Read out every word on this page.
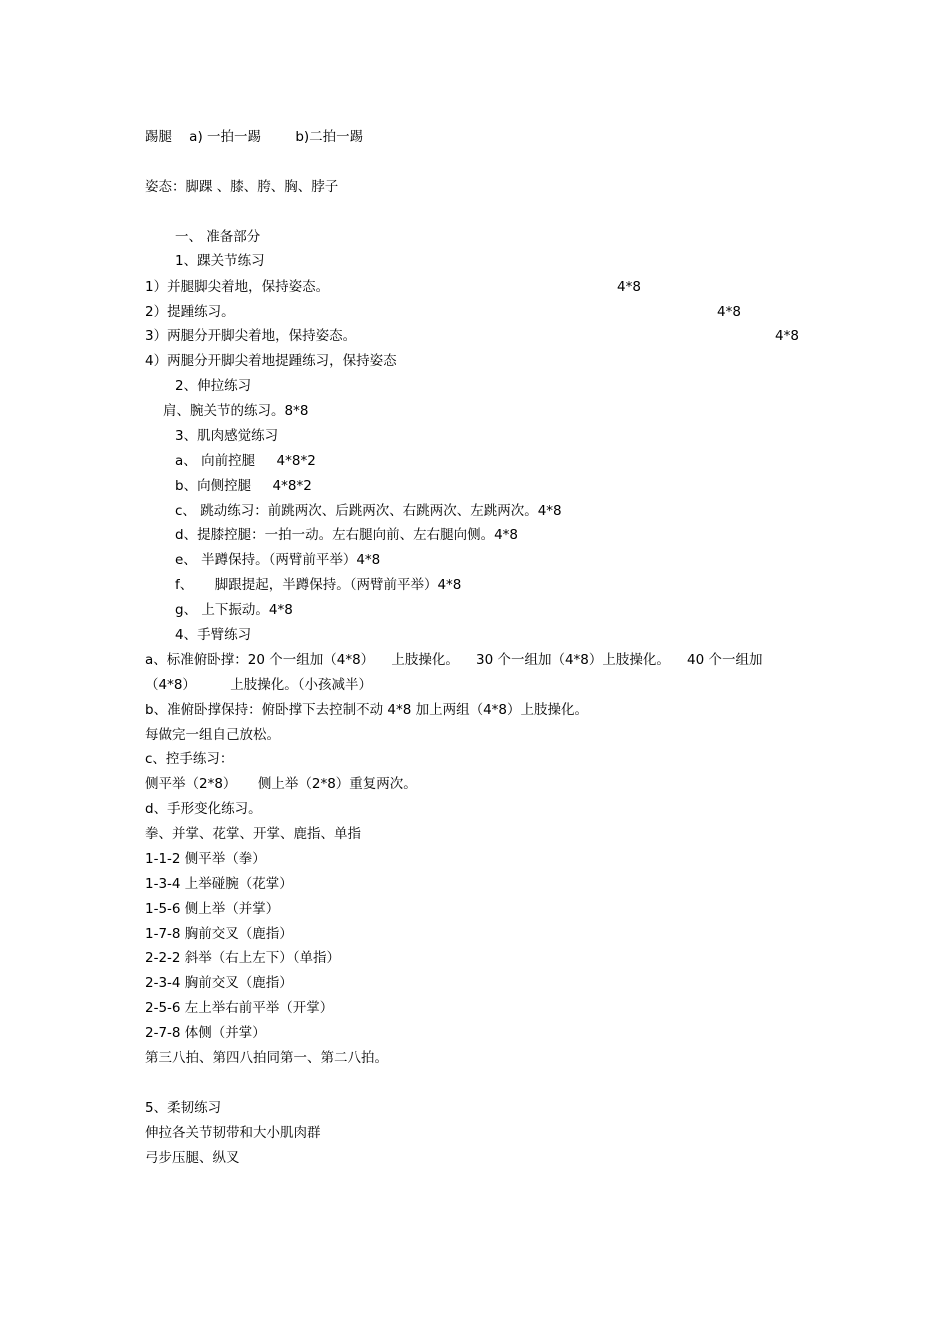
踢腿    a) 一拍一踢        b)二拍一踢
姿态：脚踝 、膝、胯、胸、脖子
一、 准备部分
1、踝关节练习
1）并腿脚尖着地，保持姿态。	4*8
2）提踵练习。	4*8
3）两腿分开脚尖着地，保持姿态。	4*8
4）两腿分开脚尖着地提踵练习，保持姿态
2、伸拉练习
肩、腕关节的练习。8*8
3、肌肉感觉练习
a、 向前控腿     4*8*2
b、向侧控腿     4*8*2
c、 跳动练习：前跳两次、后跳两次、右跳两次、左跳两次。4*8
d、提膝控腿：一拍一动。左右腿向前、左右腿向侧。4*8
e、 半蹲保持。（两臂前平举）4*8
f、     脚跟提起，半蹲保持。（两臂前平举）4*8
g、 上下振动。4*8
4、手臂练习
a、标准俯卧撑：20 个一组加（4*8）    上肢操化。    30 个一组加（4*8）上肢操化。    40 个一组加
（4*8）        上肢操化。（小孩减半）
b、准俯卧撑保持：俯卧撑下去控制不动 4*8 加上两组（4*8）上肢操化。
每做完一组自己放松。
c、控手练习：
侧平举（2*8）     侧上举（2*8）重复两次。
d、手形变化练习。
拳、并掌、花掌、开掌、鹿指、单指
1-1-2 侧平举（拳）
1-3-4 上举碰腕（花掌）
1-5-6 侧上举（并掌）
1-7-8 胸前交叉（鹿指）
2-2-2 斜举（右上左下）（单指）
2-3-4 胸前交叉（鹿指）
2-5-6 左上举右前平举（开掌）
2-7-8 体侧（并掌）
第三八拍、第四八拍同第一、第二八拍。
5、柔韧练习
伸拉各关节韧带和大小肌肉群
弓步压腿、纵叉
